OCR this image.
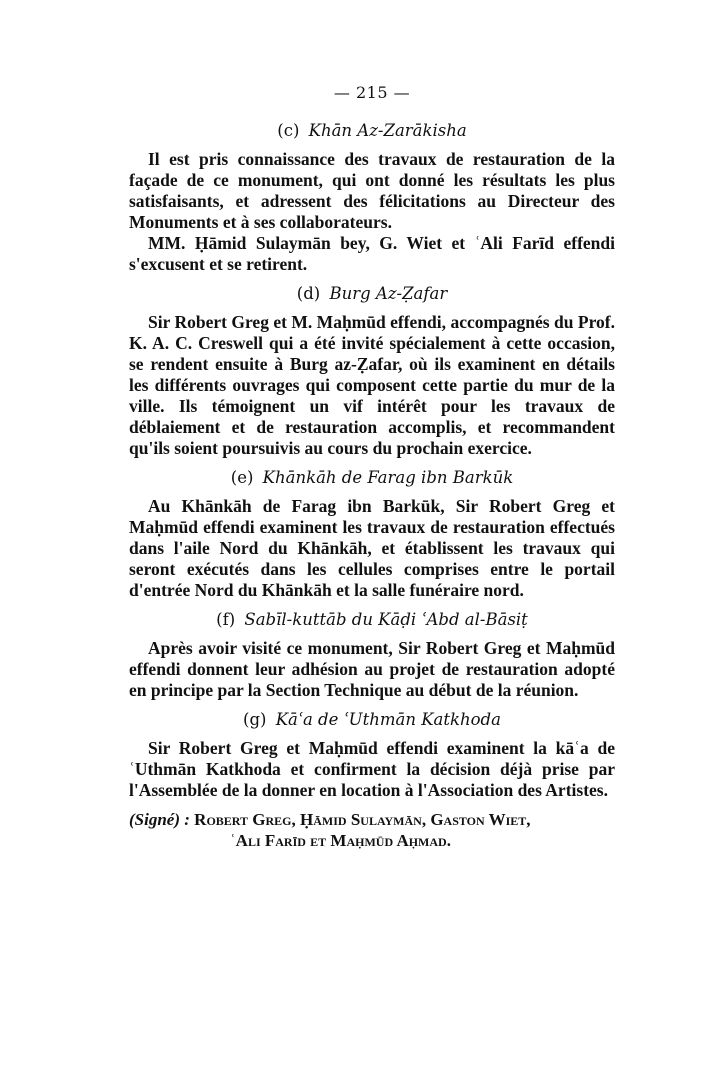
— 215 —
(c) Khān Az-Zarākisha

Il est pris connaissance des travaux de restauration de la façade de ce monument, qui ont donné les résultats les plus satisfaisants, et adressent des félicitations au Directeur des Monuments et à ses collaborateurs.

MM. Ḥāmid Sulaymān bey, G. Wiet et ʿAli Farīd effendi s'excusent et se retirent.

(d) Burg Az-Ẓafar

Sir Robert Greg et M. Maḥmūd effendi, accompagnés du Prof. K. A. C. Creswell qui a été invité spécialement à cette occasion, se rendent ensuite à Burg az-Ẓafar, où ils examinent en détails les différents ouvrages qui composent cette partie du mur de la ville. Ils témoignent un vif intérêt pour les travaux de déblaiement et de restauration accomplis, et recommandent qu'ils soient poursuivis au cours du prochain exercice.

(e) Khānkāh de Farag ibn Barkūk

Au Khānkāh de Farag ibn Barkūk, Sir Robert Greg et Maḥmūd effendi examinent les travaux de restauration effectués dans l'aile Nord du Khānkāh, et établissent les travaux qui seront exécutés dans les cellules comprises entre le portail d'entrée Nord du Khānkāh et la salle funéraire nord.

(f) Sabīl-kuttāb du Kāḍi ʿAbd al-Bāsiṭ

Après avoir visité ce monument, Sir Robert Greg et Maḥmūd effendi donnent leur adhésion au projet de restauration adopté en principe par la Section Technique au début de la réunion.

(g) Kāʿa de ʿUthmān Katkhoda

Sir Robert Greg et Maḥmūd effendi examinent la kāʿa de ʿUthmān Katkhoda et confirment la décision déjà prise par l'Assemblée de la donner en location à l'Association des Artistes.

(Signé) : Robert Greg, Ḥāmid Sulaymān, Gaston Wiet,
ʿAli Farīd et Maḥmūd Aḥmad.
